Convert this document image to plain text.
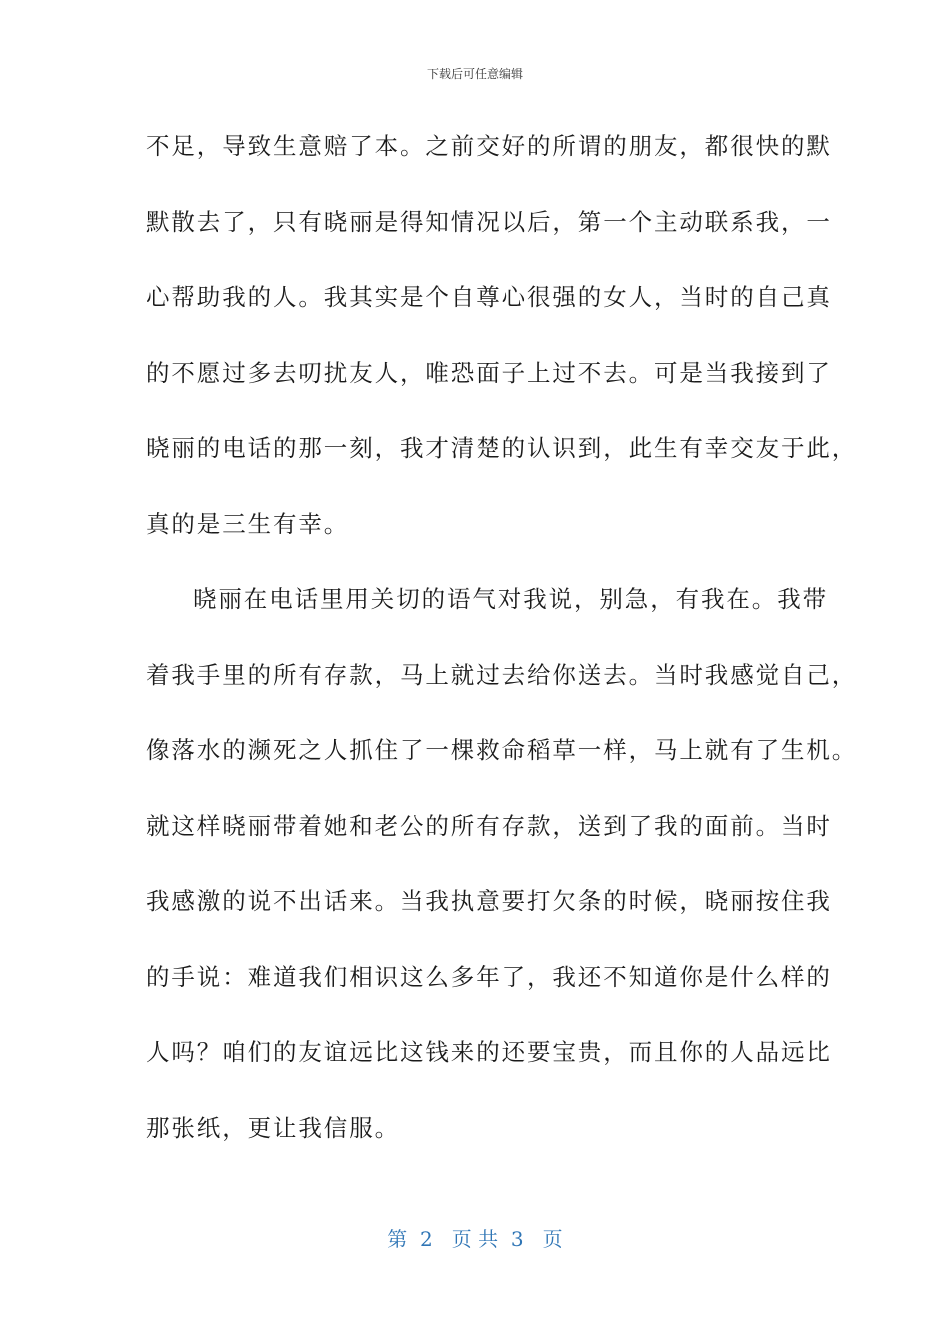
下载后可任意编辑
不足，导致生意赔了本。之前交好的所谓的朋友，都很快的默
默散去了，只有晓丽是得知情况以后，第一个主动联系我，一
心帮助我的人。我其实是个自尊心很强的女人，当时的自己真
的不愿过多去叨扰友人，唯恐面子上过不去。可是当我接到了
晓丽的电话的那一刻，我才清楚的认识到，此生有幸交友于此，
真的是三生有幸。
晓丽在电话里用关切的语气对我说，别急，有我在。我带
着我手里的所有存款，马上就过去给你送去。当时我感觉自己，
像落水的濒死之人抓住了一棵救命稻草一样，马上就有了生机。
就这样晓丽带着她和老公的所有存款，送到了我的面前。当时
我感激的说不出话来。当我执意要打欠条的时候，晓丽按住我
的手说：难道我们相识这么多年了，我还不知道你是什么样的
人吗？咱们的友谊远比这钱来的还要宝贵，而且你的人品远比
那张纸，更让我信服。
第  2   页 共  3   页
